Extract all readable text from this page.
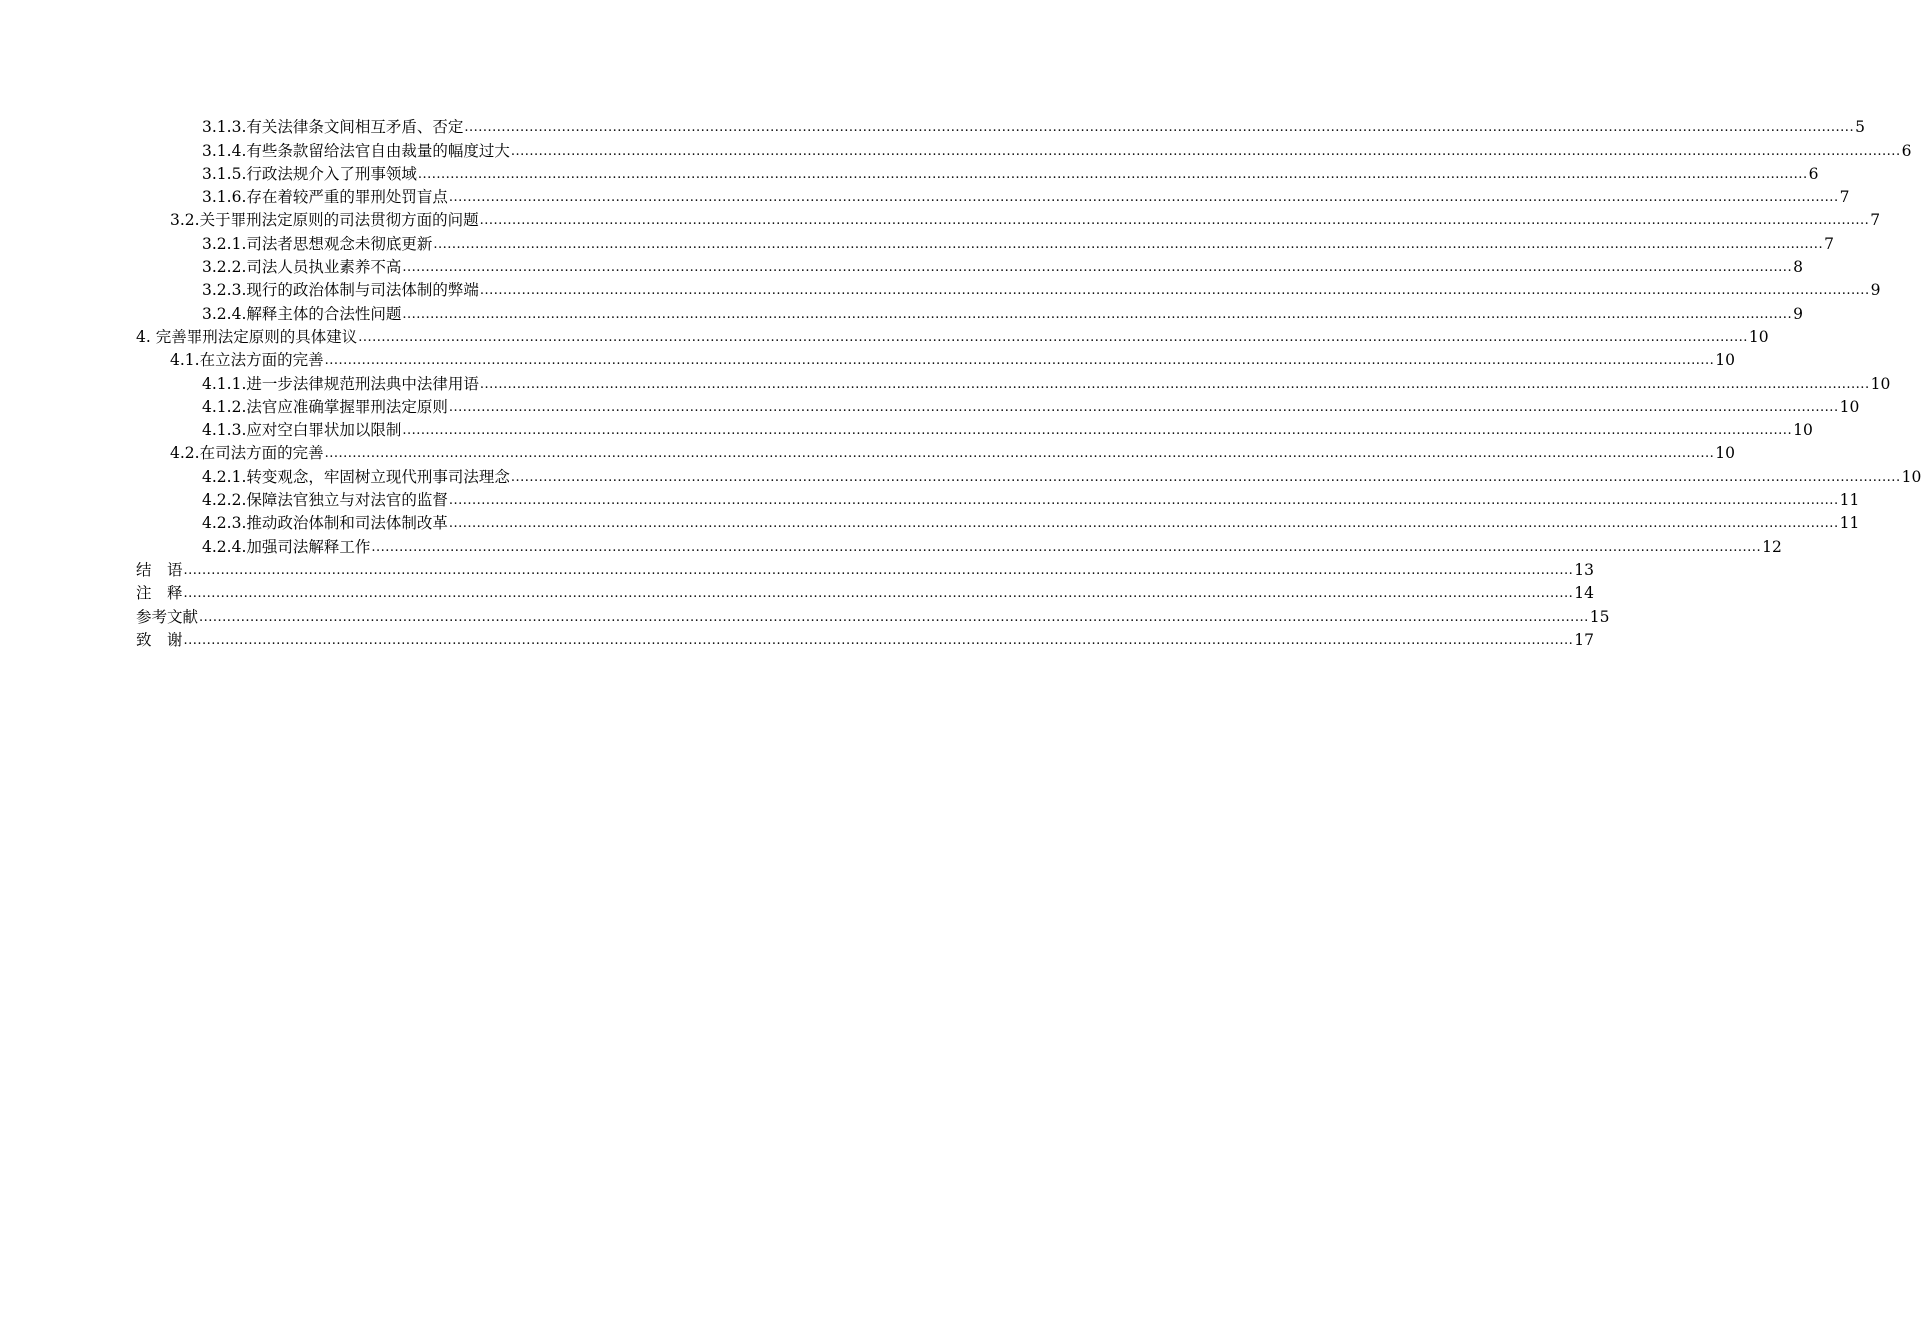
3.1.3.有关法律条文间相互矛盾、否定 ............................................................................................................................................................................................................................................................................................................ 5
3.1.4.有些条款留给法官自由裁量的幅度过大 ............................................................................................................................................................................................................................................................................................................ 6
3.1.5.行政法规介入了刑事领域 ............................................................................................................................................................................................................................................................................................................ 6
3.1.6.存在着较严重的罪刑处罚盲点 ............................................................................................................................................................................................................................................................................................................ 7
3.2.关于罪刑法定原则的司法贯彻方面的问题 ............................................................................................................................................................................................................................................................................................................ 7
3.2.1.司法者思想观念未彻底更新 ............................................................................................................................................................................................................................................................................................................ 7
3.2.2.司法人员执业素养不高 ............................................................................................................................................................................................................................................................................................................ 8
3.2.3.现行的政治体制与司法体制的弊端 ............................................................................................................................................................................................................................................................................................................ 9
3.2.4.解释主体的合法性问题 ............................................................................................................................................................................................................................................................................................................ 9
4. 完善罪刑法定原则的具体建议 ............................................................................................................................................................................................................................................................................................................ 10
4.1.在立法方面的完善 ............................................................................................................................................................................................................................................................................................................ 10
4.1.1.进一步法律规范刑法典中法律用语 ............................................................................................................................................................................................................................................................................................................ 10
4.1.2.法官应准确掌握罪刑法定原则 ............................................................................................................................................................................................................................................................................................................ 10
4.1.3.应对空白罪状加以限制 ............................................................................................................................................................................................................................................................................................................ 10
4.2.在司法方面的完善 ............................................................................................................................................................................................................................................................................................................ 10
4.2.1.转变观念，牢固树立现代刑事司法理念 ............................................................................................................................................................................................................................................................................................................ 10
4.2.2.保障法官独立与对法官的监督 ............................................................................................................................................................................................................................................................................................................ 11
4.2.3.推动政治体制和司法体制改革 ............................................................................................................................................................................................................................................................................................................ 11
4.2.4.加强司法解释工作 ............................................................................................................................................................................................................................................................................................................ 12
结　语 ............................................................................................................................................................................................................................................................................................................ 13
注　释 ............................................................................................................................................................................................................................................................................................................ 14
参考文献 ............................................................................................................................................................................................................................................................................................................ 15
致　谢 ............................................................................................................................................................................................................................................................................................................ 17
